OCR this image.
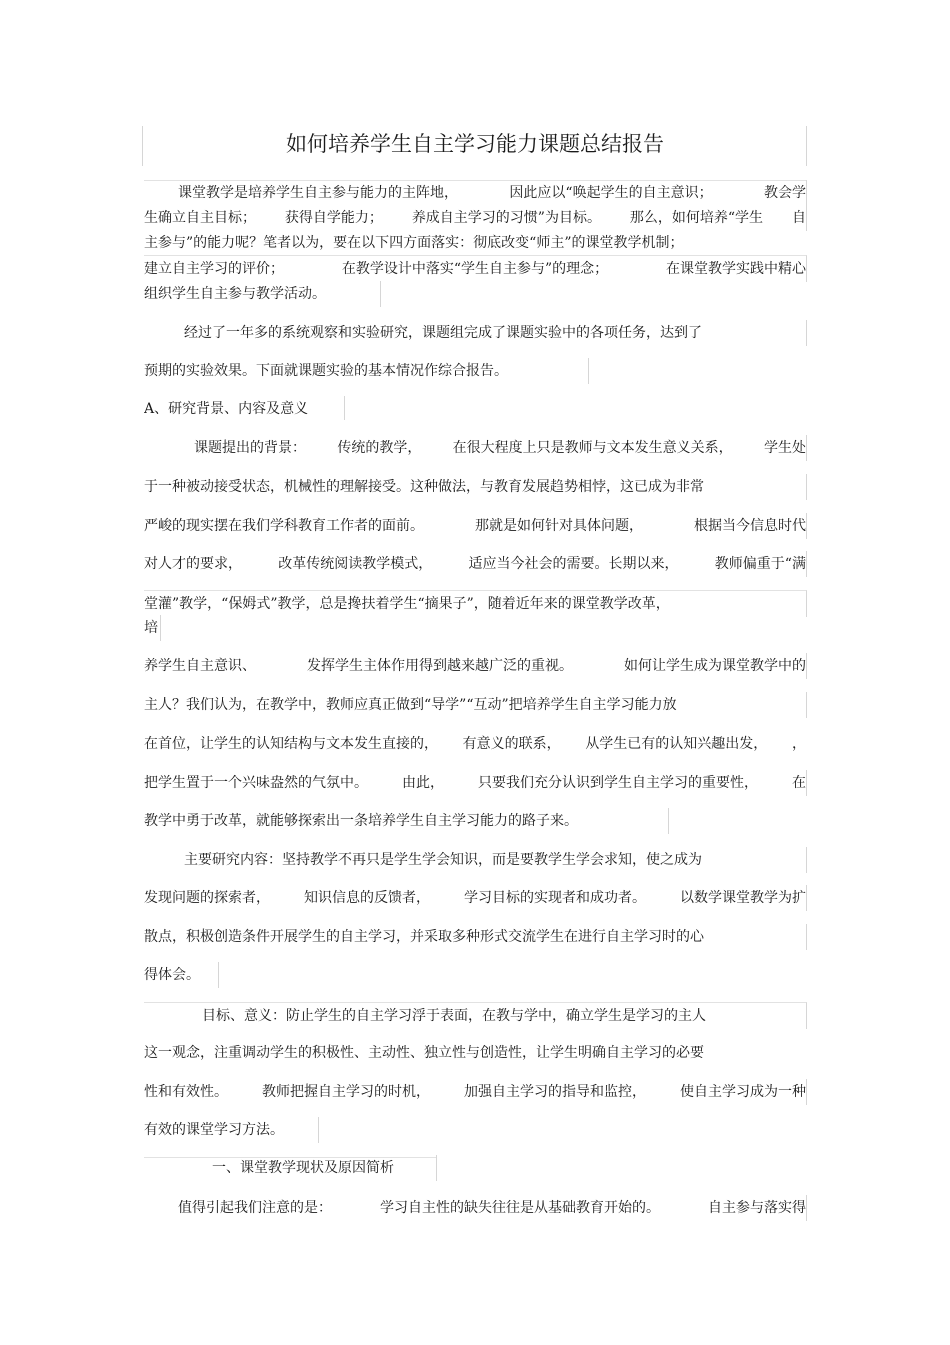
如何培养学生自主学习能力课题总结报告
课堂教学是培养学生自主参与能力的主阵地，	因此应以“唤起学生的自主意识；	教会学
生确立自主目标； 获得自学能力； 养成自主学习的习惯”为目标。 那么，如何培养“学生 自
主参与”的能力呢？笔者以为，要在以下四方面落实：彻底改变“师主”的课堂教学机制；
建立自主学习的评价；	在教学设计中落实“学生自主参与”的理念；	在课堂教学实践中精心
组织学生自主参与教学活动。
经过了一年多的系统观察和实验研究，课题组完成了课题实验中的各项任务，达到了
预期的实验效果。下面就课题实验的基本情况作综合报告。
A、研究背景、内容及意义
课题提出的背景： 传统的教学， 在很大程度上只是教师与文本发生意义关系， 学生处
于一种被动接受状态，机械性的理解接受。这种做法，与教育发展趋势相悖，这已成为非常
严峻的现实摆在我们学科教育工作者的面前。	那就是如何针对具体问题，	根据当今信息时代
对人才的要求，	改革传统阅读教学模式，	适应当今社会的需要。长期以来，	教师偏重于“满
堂灌”教学，“保姆式”教学，总是搀扶着学生“摘果子”，随着近年来的课堂教学改革，
培
养学生自主意识、	发挥学生主体作用得到越来越广泛的重视。	如何让学生成为课堂教学中的
主人？我们认为，在教学中，教师应真正做到“导学”“互动”把培养学生自主学习能力放
在首位，让学生的认知结构与文本发生直接的， 有意义的联系， 从学生已有的认知兴趣出发， ，
把学生置于一个兴味盎然的气氛中。 由此， 只要我们充分认识到学生自主学习的重要性， 在
教学中勇于改革，就能够探索出一条培养学生自主学习能力的路子来。
主要研究内容：坚持教学不再只是学生学会知识，而是要教学生学会求知，使之成为
发现问题的探索者， 知识信息的反馈者， 学习目标的实现者和成功者。 以数学课堂教学为扩
散点，积极创造条件开展学生的自主学习，并采取多种形式交流学生在进行自主学习时的心
得体会。
目标、意义：防止学生的自主学习浮于表面，在教与学中，确立学生是学习的主人
这一观念，注重调动学生的积极性、主动性、独立性与创造性，让学生明确自主学习的必要
性和有效性。 教师把握自主学习的时机， 加强自主学习的指导和监控， 使自主学习成为一种
有效的课堂学习方法。
一、课堂教学现状及原因简析
值得引起我们注意的是：	学习自主性的缺失往往是从基础教育开始的。	自主参与落实得
